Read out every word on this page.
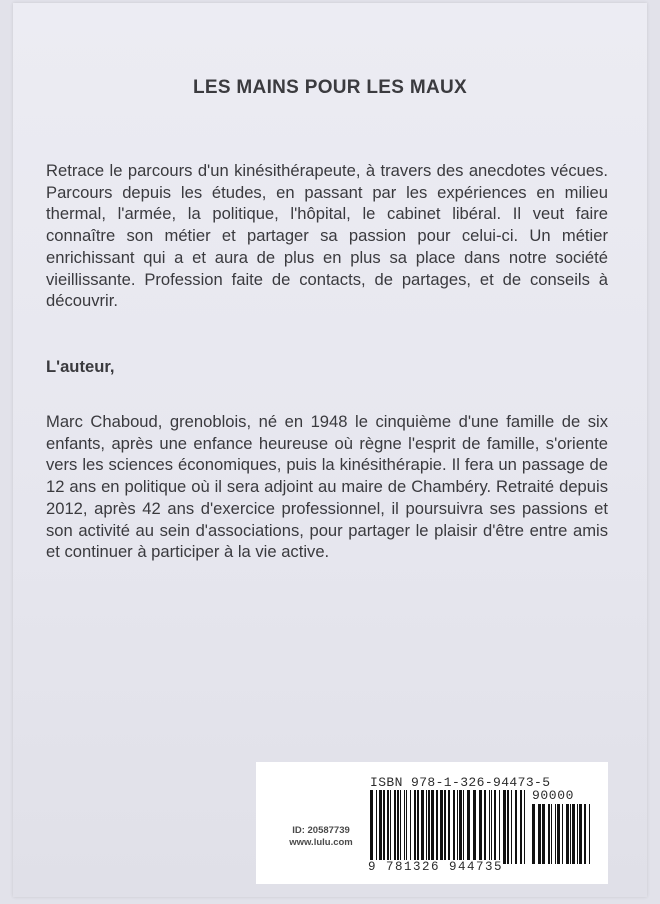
LES MAINS POUR LES MAUX

Retrace le parcours d'un kinésithérapeute, à travers des anecdotes vécues. Parcours depuis les études, en passant par les expériences en milieu thermal, l'armée, la politique, l'hôpital, le cabinet libéral. Il veut faire connaître son métier et partager sa passion pour celui-ci. Un métier enrichissant qui a et aura de plus en plus sa place dans notre société vieillissante. Profession faite de contacts, de partages, et de conseils à découvrir.

L'auteur,

Marc Chaboud, grenoblois, né en 1948 le cinquième d'une famille de six enfants, après une enfance heureuse où règne l'esprit de famille, s'oriente vers les sciences économiques, puis la kinésithérapie. Il fera un passage de 12 ans en politique où il sera adjoint au maire de Chambéry. Retraité depuis 2012, après 42 ans d'exercice professionnel, il poursuivra ses passions et son activité au sein d'associations, pour partager le plaisir d'être entre amis et continuer à participer à la vie active.

ISBN 978-1-326-94473-5
90000
9 781326 944735
ID: 20587739
www.lulu.com
